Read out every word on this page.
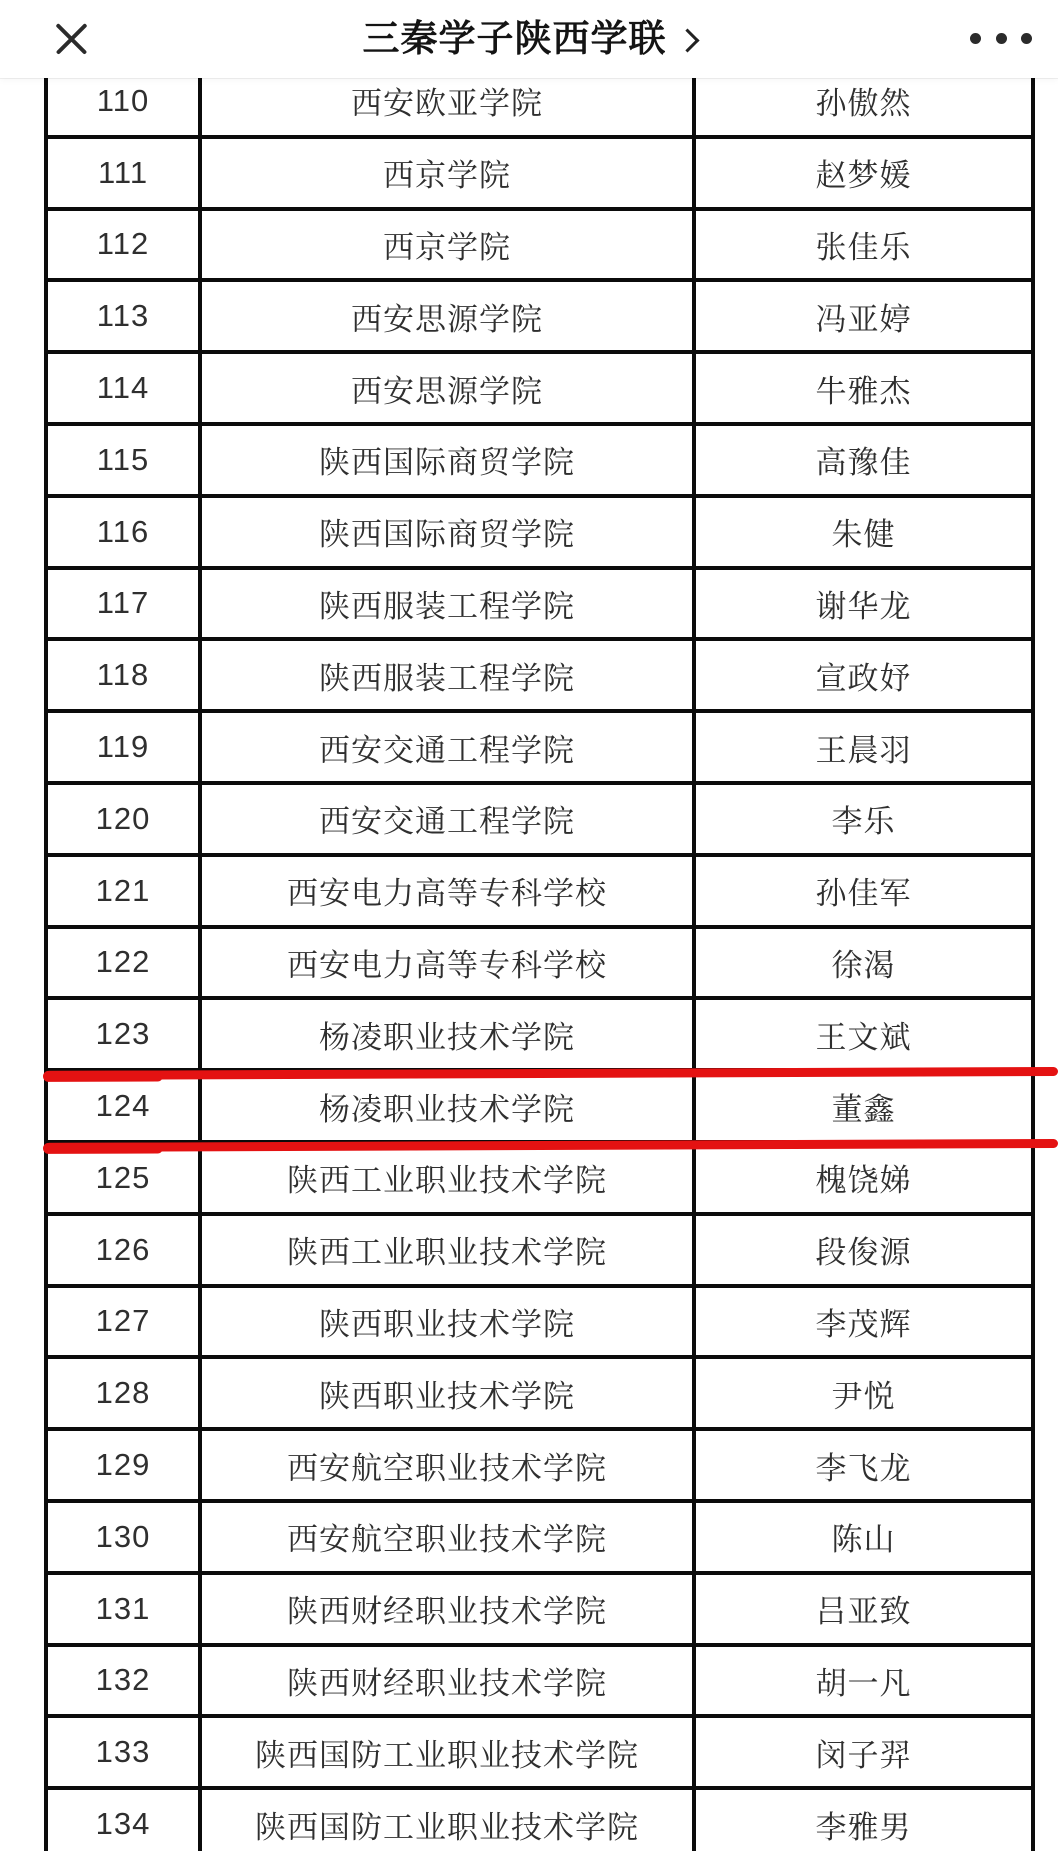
110	西安欧亚学院	孙傲然
111	西京学院	赵梦媛
112	西京学院	张佳乐
113	西安思源学院	冯亚婷
114	西安思源学院	牛雅杰
115	陕西国际商贸学院	高豫佳
116	陕西国际商贸学院	朱健
117	陕西服装工程学院	谢华龙
118	陕西服装工程学院	宣政妤
119	西安交通工程学院	王晨羽
120	西安交通工程学院	李乐
121	西安电力高等专科学校	孙佳军
122	西安电力高等专科学校	徐渴
123	杨凌职业技术学院	王文斌
124	杨凌职业技术学院	董鑫
125	陕西工业职业技术学院	槐饶娣
126	陕西工业职业技术学院	段俊源
127	陕西职业技术学院	李茂辉
128	陕西职业技术学院	尹悦
129	西安航空职业技术学院	李飞龙
130	西安航空职业技术学院	陈山
131	陕西财经职业技术学院	吕亚致
132	陕西财经职业技术学院	胡一凡
133	陕西国防工业职业技术学院	闵子羿
134	陕西国防工业职业技术学院	李雅男
三秦学子陕西学联
